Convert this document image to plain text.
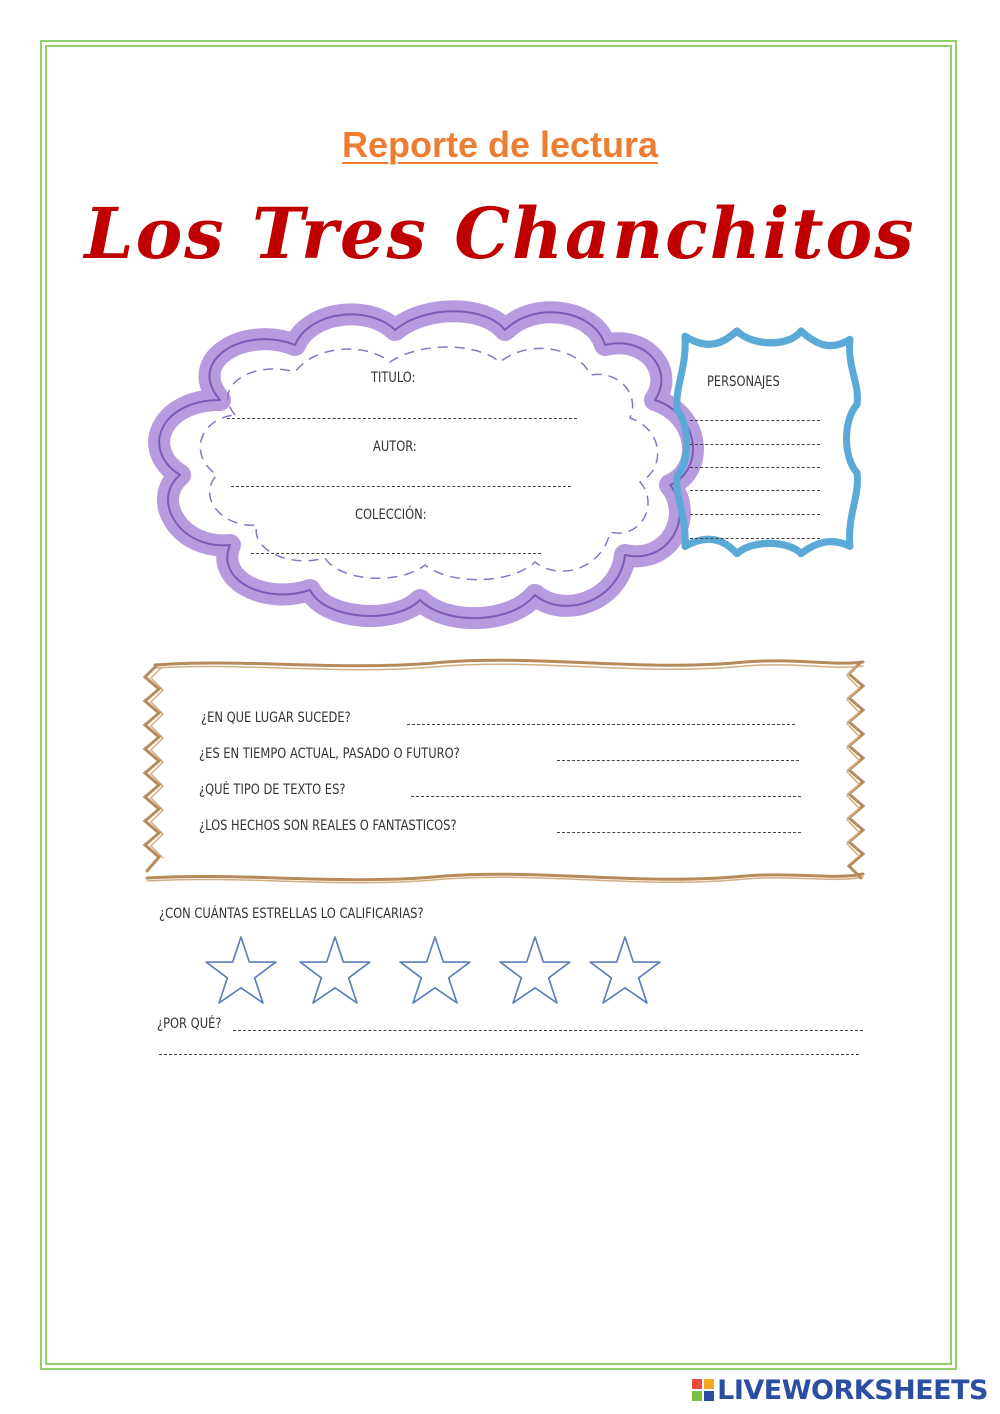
Reporte de lectura
Los Tres Chanchitos
TITULO:
AUTOR:
COLECCIÓN:
PERSONAJES
¿EN QUE LUGAR SUCEDE?
¿ES EN TIEMPO ACTUAL, PASADO O FUTURO?
¿QUÉ TIPO DE TEXTO ES?
¿LOS HECHOS SON REALES O FANTASTICOS?
¿CON CUÁNTAS ESTRELLAS LO CALIFICARIAS?
¿POR QUÉ?
LIVEWORKSHEETS
